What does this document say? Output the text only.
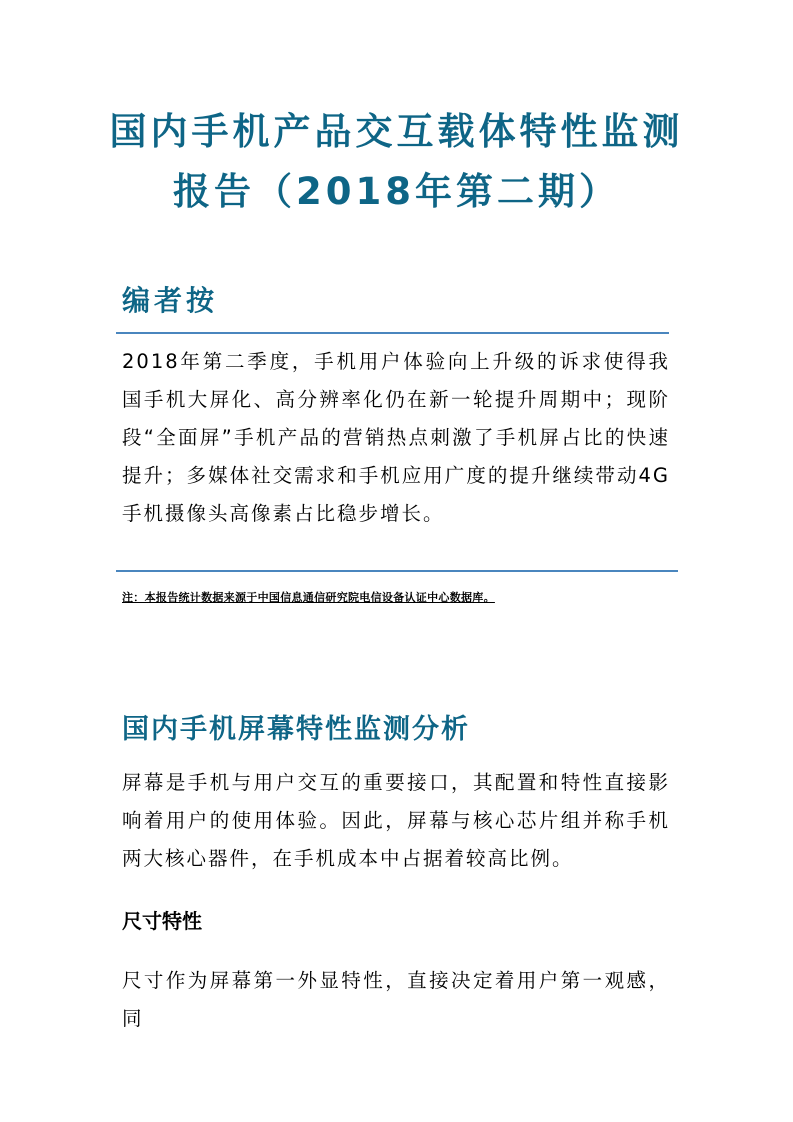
国内手机产品交互载体特性监测
报告（2018年第二期）
编者按

2018年第二季度，手机用户体验向上升级的诉求使得我国手机大屏化、高分辨率化仍在新一轮提升周期中；现阶段“全面屏”手机产品的营销热点刺激了手机屏占比的快速提升；多媒体社交需求和手机应用广度的提升继续带动4G手机摄像头高像素占比稳步增长。

注：本报告统计数据来源于中国信息通信研究院电信设备认证中心数据库。

国内手机屏幕特性监测分析

屏幕是手机与用户交互的重要接口，其配置和特性直接影响着用户的使用体验。因此，屏幕与核心芯片组并称手机两大核心器件，在手机成本中占据着较高比例。

尺寸特性

尺寸作为屏幕第一外显特性，直接决定着用户第一观感，同
